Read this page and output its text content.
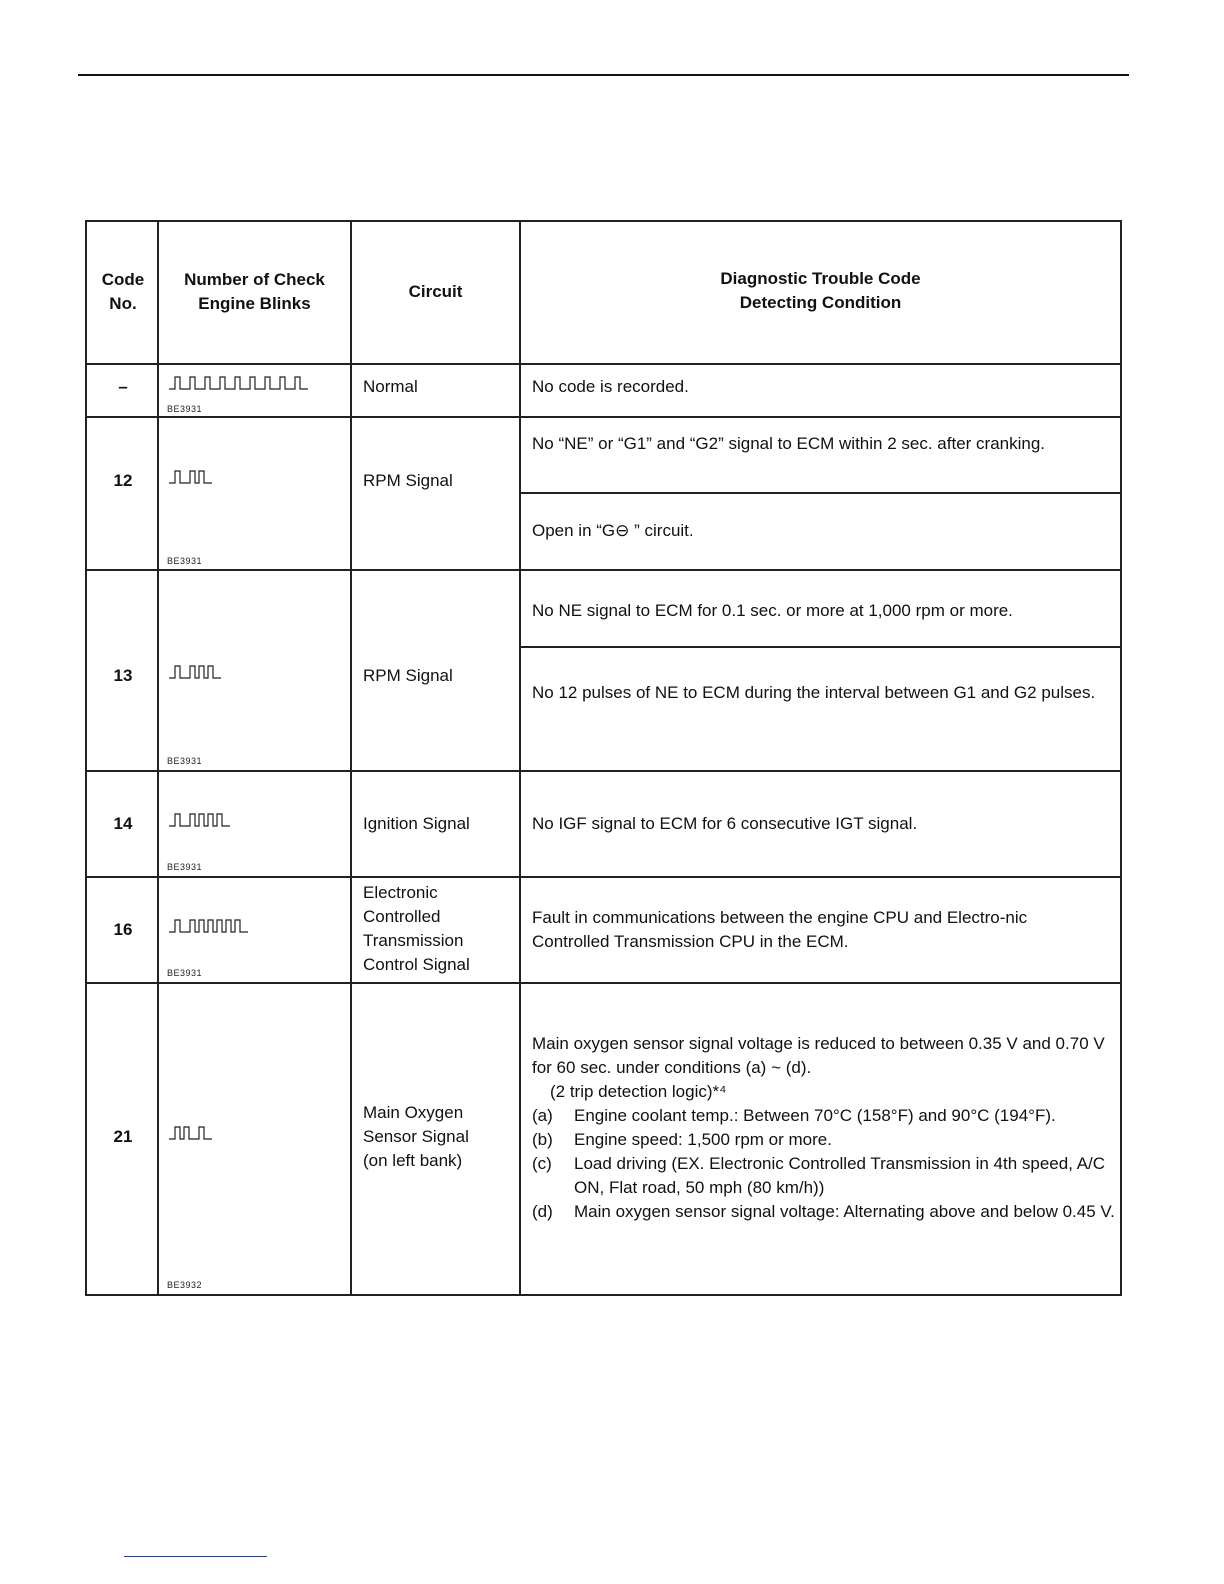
Code
No.
Number of Check
Engine Blinks
Circuit
Diagnostic Trouble Code
Detecting Condition
–
BE3931
Normal	No code is recorded.
12
BE3931
RPM Signal
No “NE” or “G1” and “G2” signal to ECM within 2 sec. after cranking.
Open in “G⊖ ” circuit.
13
BE3931
RPM Signal
No NE signal to ECM for 0.1 sec. or more at 1,000 rpm or more.
No 12 pulses of NE to ECM during the interval between G1 and G2 pulses.
14
BE3931
Ignition Signal	No IGF signal to ECM for 6 consecutive IGT signal.
16
BE3931
Electronic
Controlled
Transmission
Control Signal
Fault in communications between the engine CPU and Electro-nic Controlled Transmission CPU in the ECM.
21
BE3932
Main Oxygen
Sensor Signal
(on left bank)

Main oxygen sensor signal voltage is reduced to between 0.35 V and 0.70 V for 60 sec. under conditions (a) ~ (d).

(2 trip detection logic)*⁴

(a) Engine coolant temp.: Between 70°C (158°F) and 90°C (194°F).
(b) Engine speed: 1,500 rpm or more.
(c) Load driving (EX. Electronic Controlled Transmission in 4th speed, A/C ON, Flat road, 50 mph (80 km/h))
(d) Main oxygen sensor signal voltage: Alternating above and below 0.45 V.
